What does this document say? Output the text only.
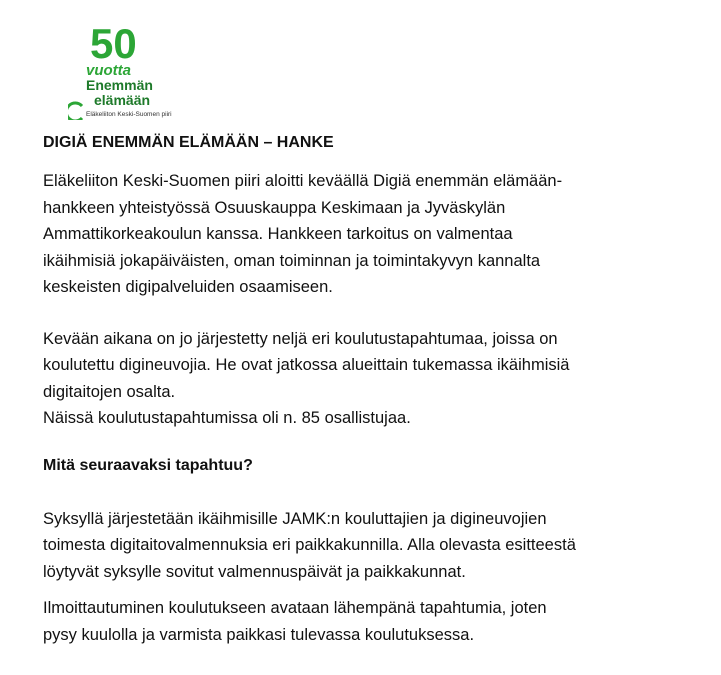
50
vuotta
Enemmän
elämään
Eläkeliiton Keski-Suomen piiri
DIGIÄ ENEMMÄN ELÄMÄÄN – HANKE
Eläkeliiton Keski-Suomen piiri aloitti keväällä Digiä enemmän elämään-
hankkeen yhteistyössä Osuuskauppa Keskimaan ja Jyväskylän
Ammattikorkeakoulun kanssa. Hankkeen tarkoitus on valmentaa
ikäihmisiä jokapäiväisten, oman toiminnan ja toimintakyvyn kannalta
keskeisten digipalveluiden osaamiseen.
Kevään aikana on jo järjestetty neljä eri koulutustapahtumaa, joissa on
koulutettu digineuvojia. He ovat jatkossa alueittain tukemassa ikäihmisiä
digitaitojen osalta.
Näissä koulutustapahtumissa oli n. 85 osallistujaa.
Mitä seuraavaksi tapahtuu?
Syksyllä järjestetään ikäihmisille JAMK:n kouluttajien ja digineuvojien
toimesta digitaitovalmennuksia eri paikkakunnilla. Alla olevasta esitteestä
löytyvät syksylle sovitut valmennuspäivät ja paikkakunnat.
Ilmoittautuminen koulutukseen avataan lähempänä tapahtumia, joten
pysy kuulolla ja varmista paikkasi tulevassa koulutuksessa.
